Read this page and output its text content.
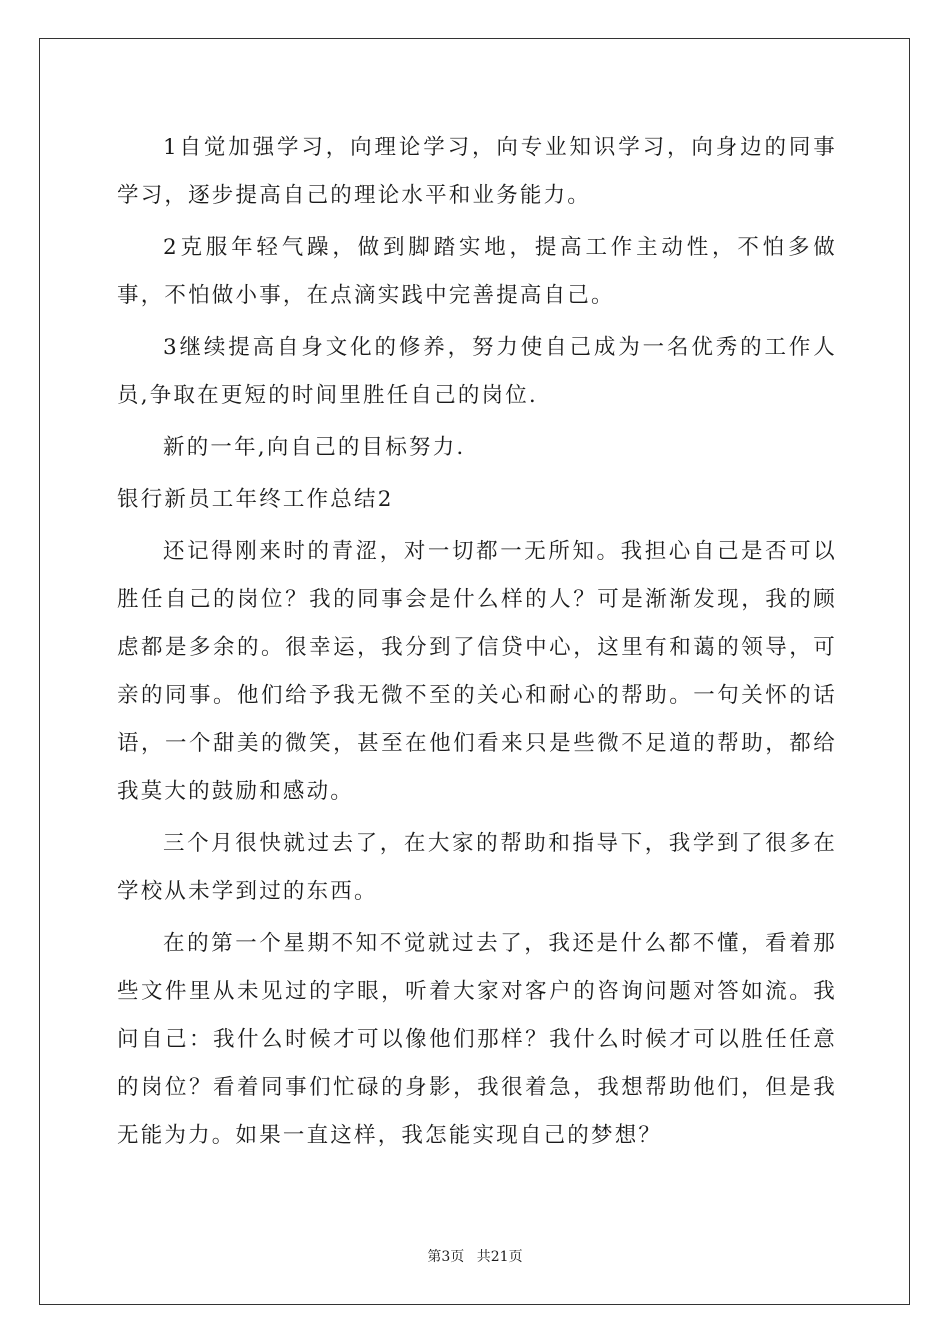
1自觉加强学习，向理论学习，向专业知识学习，向身边的同事学习，逐步提高自己的理论水平和业务能力。

2克服年轻气躁，做到脚踏实地，提高工作主动性，不怕多做事，不怕做小事，在点滴实践中完善提高自己。

3继续提高自身文化的修养，努力使自己成为一名优秀的工作人员,争取在更短的时间里胜任自己的岗位.

新的一年,向自己的目标努力.

银行新员工年终工作总结2

还记得刚来时的青涩，对一切都一无所知。我担心自己是否可以胜任自己的岗位？我的同事会是什么样的人？可是渐渐发现，我的顾虑都是多余的。很幸运，我分到了信贷中心，这里有和蔼的领导，可亲的同事。他们给予我无微不至的关心和耐心的帮助。一句关怀的话语，一个甜美的微笑，甚至在他们看来只是些微不足道的帮助，都给我莫大的鼓励和感动。

三个月很快就过去了，在大家的帮助和指导下，我学到了很多在学校从未学到过的东西。

在的第一个星期不知不觉就过去了，我还是什么都不懂，看着那些文件里从未见过的字眼，听着大家对客户的咨询问题对答如流。我问自己：我什么时候才可以像他们那样？我什么时候才可以胜任任意的岗位？看着同事们忙碌的身影，我很着急，我想帮助他们，但是我无能为力。如果一直这样，我怎能实现自己的梦想？

第3页 共21页
